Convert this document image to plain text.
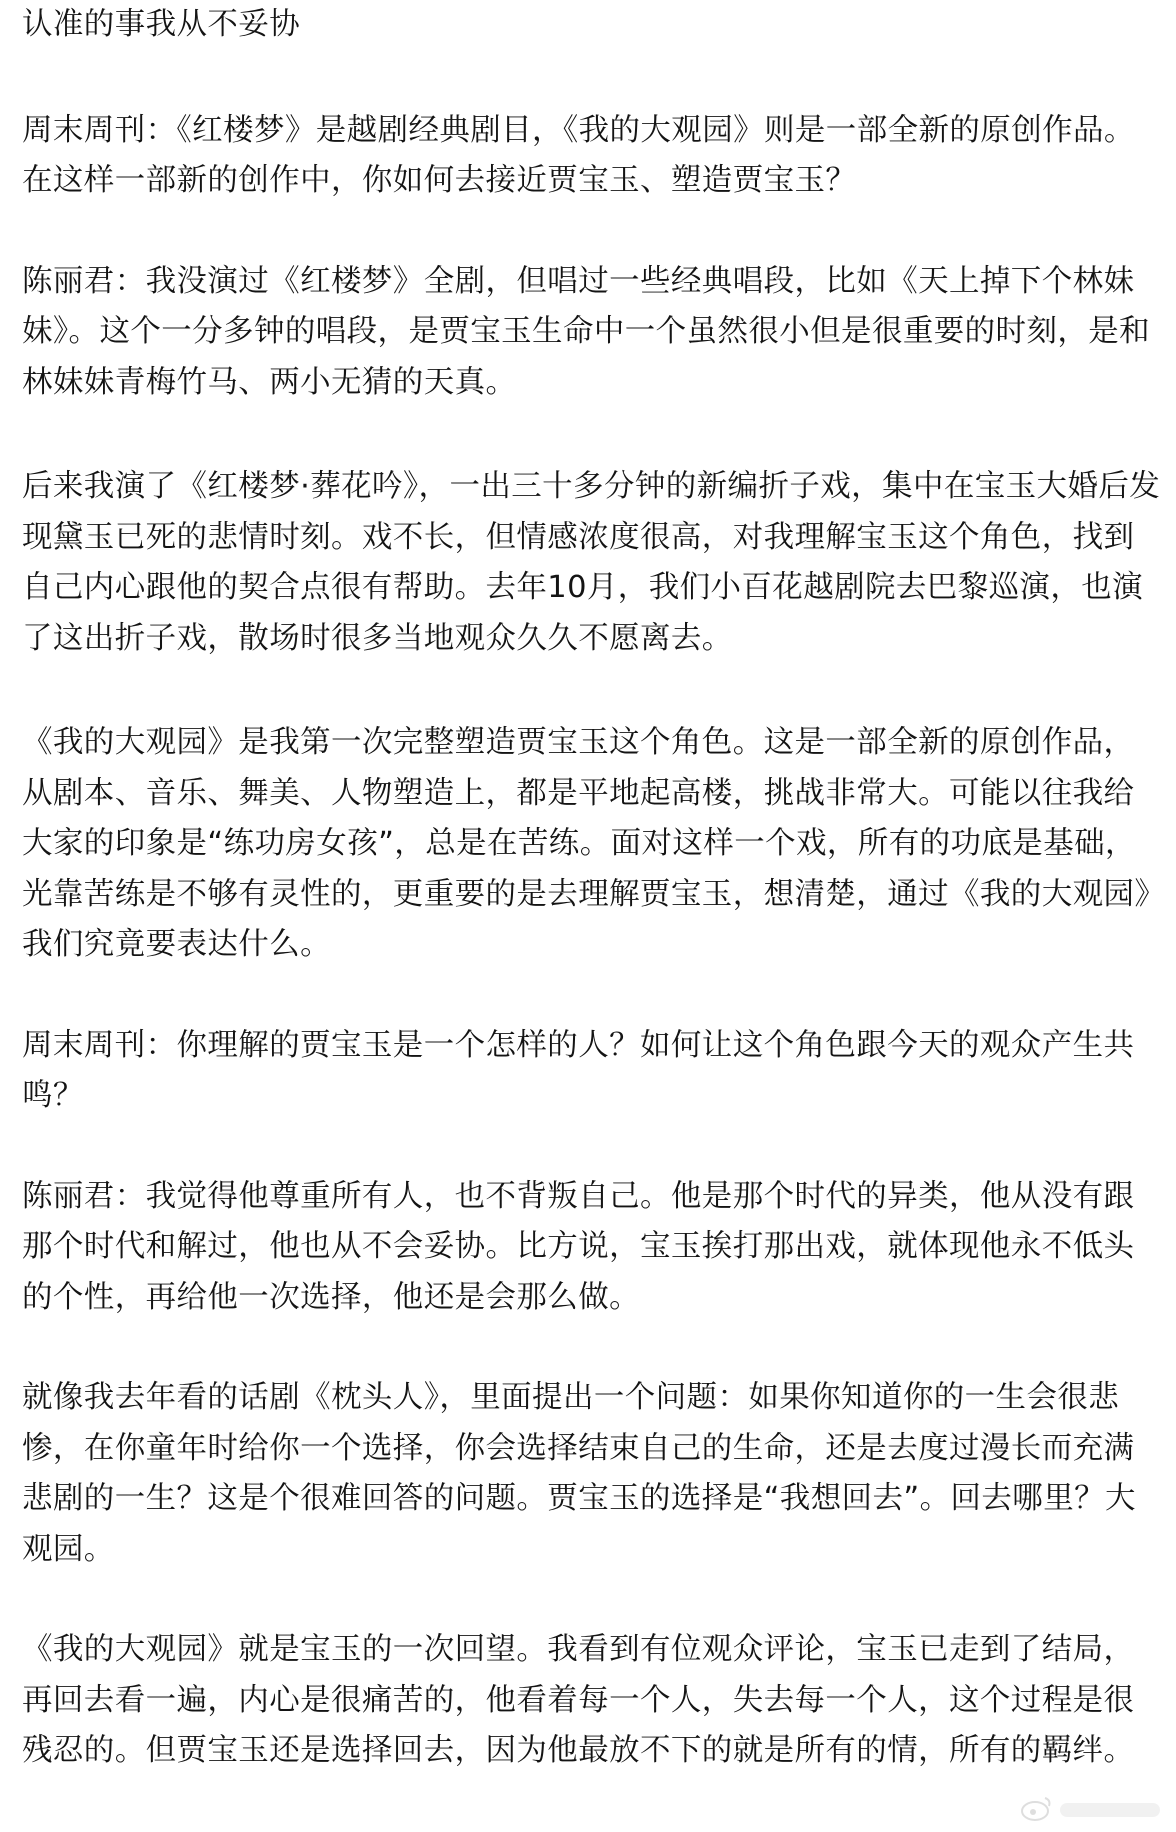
认准的事我从不妥协

周末周刊：《红楼梦》是越剧经典剧目，《我的大观园》则是一部全新的原创作品。在这样一部新的创作中，你如何去接近贾宝玉、塑造贾宝玉？

陈丽君：我没演过《红楼梦》全剧，但唱过一些经典唱段，比如《天上掉下个林妹妹》。这个一分多钟的唱段，是贾宝玉生命中一个虽然很小但是很重要的时刻，是和林妹妹青梅竹马、两小无猜的天真。

后来我演了《红楼梦·葬花吟》，一出三十多分钟的新编折子戏，集中在宝玉大婚后发现黛玉已死的悲情时刻。戏不长，但情感浓度很高，对我理解宝玉这个角色，找到自己内心跟他的契合点很有帮助。去年10月，我们小百花越剧院去巴黎巡演，也演了这出折子戏，散场时很多当地观众久久不愿离去。

《我的大观园》是我第一次完整塑造贾宝玉这个角色。这是一部全新的原创作品，从剧本、音乐、舞美、人物塑造上，都是平地起高楼，挑战非常大。可能以往我给大家的印象是“练功房女孩”，总是在苦练。面对这样一个戏，所有的功底是基础，光靠苦练是不够有灵性的，更重要的是去理解贾宝玉，想清楚，通过《我的大观园》我们究竟要表达什么。

周末周刊：你理解的贾宝玉是一个怎样的人？如何让这个角色跟今天的观众产生共鸣？

陈丽君：我觉得他尊重所有人，也不背叛自己。他是那个时代的异类，他从没有跟那个时代和解过，他也从不会妥协。比方说，宝玉挨打那出戏，就体现他永不低头的个性，再给他一次选择，他还是会那么做。

就像我去年看的话剧《枕头人》，里面提出一个问题：如果你知道你的一生会很悲惨，在你童年时给你一个选择，你会选择结束自己的生命，还是去度过漫长而充满悲剧的一生？这是个很难回答的问题。贾宝玉的选择是“我想回去”。回去哪里？大观园。

《我的大观园》就是宝玉的一次回望。我看到有位观众评论，宝玉已走到了结局，再回去看一遍，内心是很痛苦的，他看着每一个人，失去每一个人，这个过程是很残忍的。但贾宝玉还是选择回去，因为他最放不下的就是所有的情，所有的羁绊。
